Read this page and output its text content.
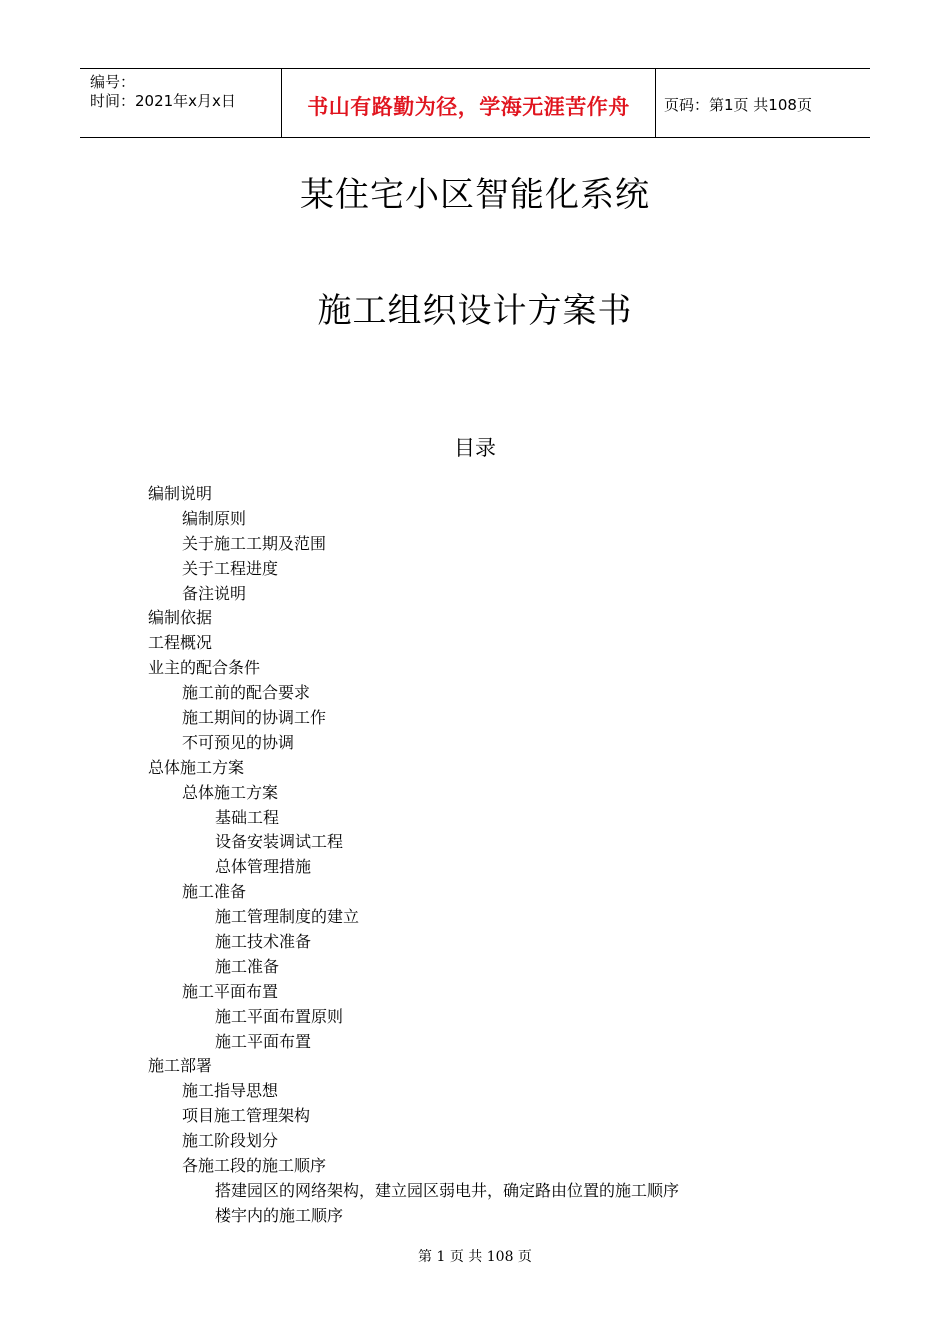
编号：
时间：2021年x月x日	书山有路勤为径，学海无涯苦作舟	页码：第1页 共108页
某住宅小区智能化系统
施工组织设计方案书
目录
编制说明
编制原则
关于施工工期及范围
关于工程进度
备注说明
编制依据
工程概况
业主的配合条件
施工前的配合要求
施工期间的协调工作
不可预见的协调
总体施工方案
总体施工方案
基础工程
设备安装调试工程
总体管理措施
施工准备
施工管理制度的建立
施工技术准备
施工准备
施工平面布置
施工平面布置原则
施工平面布置
施工部署
施工指导思想
项目施工管理架构
施工阶段划分
各施工段的施工顺序
搭建园区的网络架构，建立园区弱电井，确定路由位置的施工顺序
楼宇内的施工顺序
第 1 页 共 108 页
